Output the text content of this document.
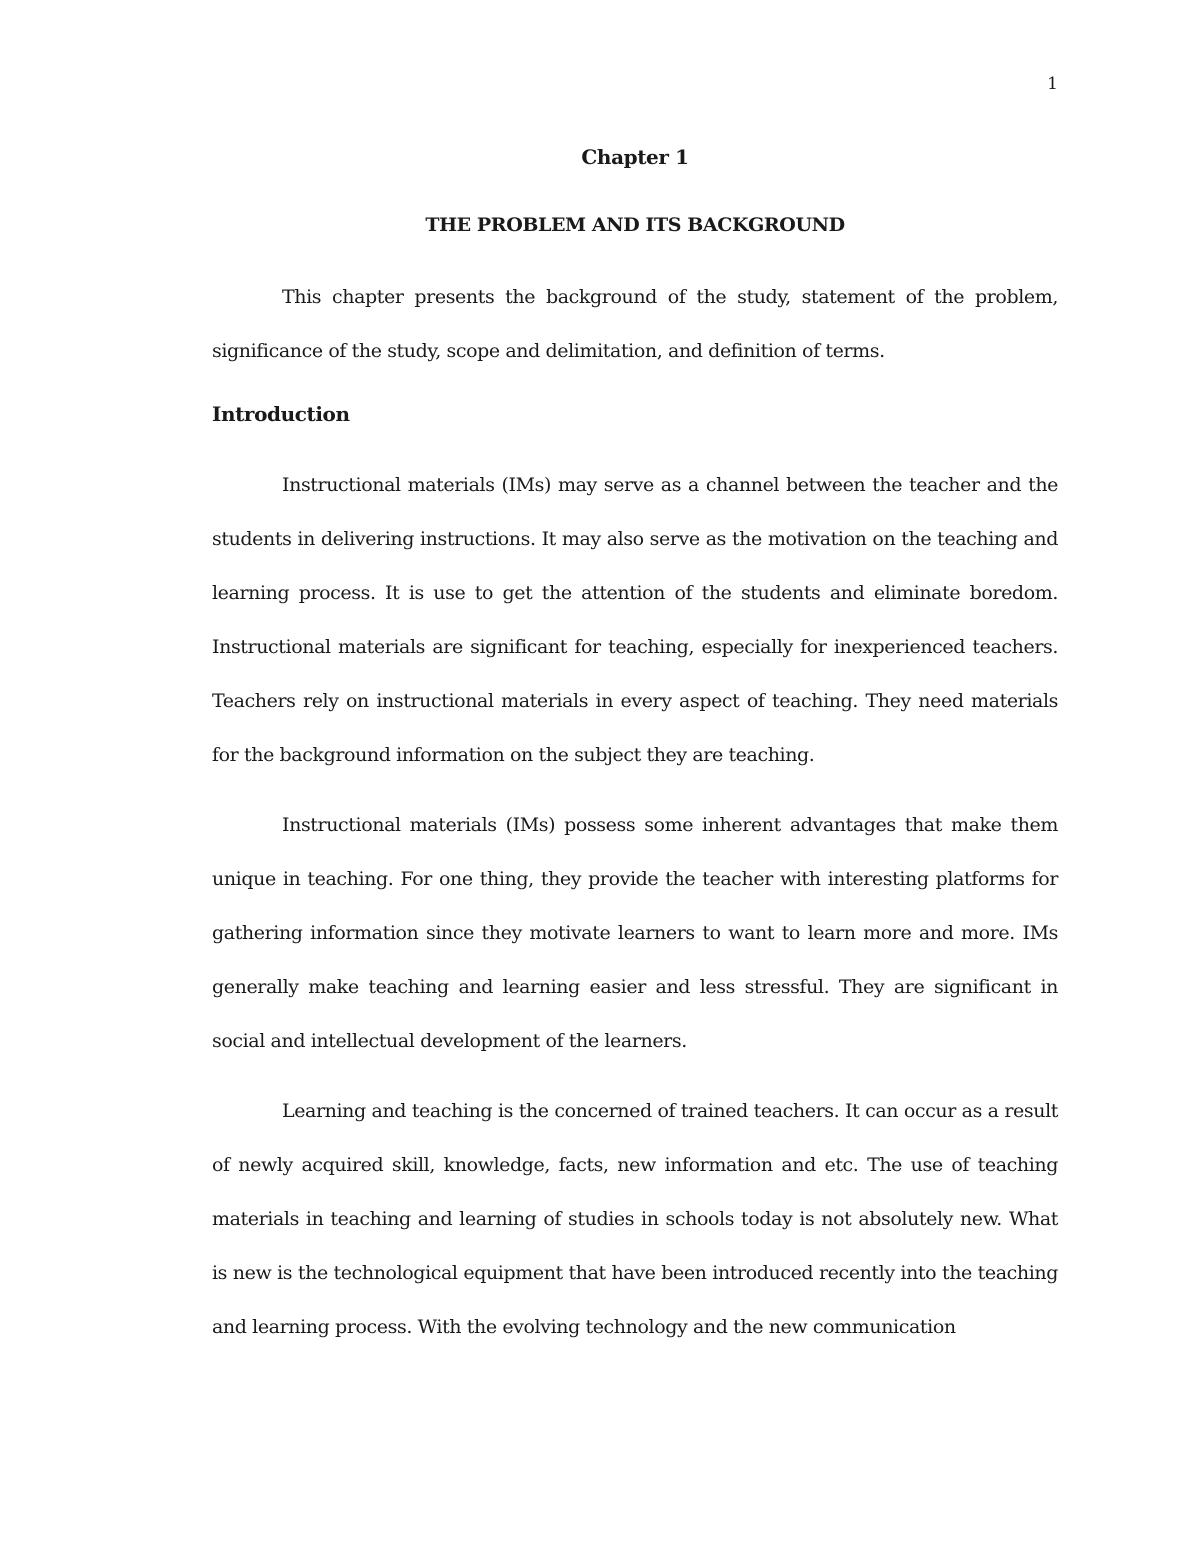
1

Chapter 1

THE PROBLEM AND ITS BACKGROUND

This chapter presents the background of the study, statement of the problem, significance of the study, scope and delimitation, and definition of terms.

Introduction

Instructional materials (IMs) may serve as a channel between the teacher and the students in delivering instructions. It may also serve as the motivation on the teaching and learning process. It is use to get the attention of the students and eliminate boredom. Instructional materials are significant for teaching, especially for inexperienced teachers. Teachers rely on instructional materials in every aspect of teaching. They need materials for the background information on the subject they are teaching.

Instructional materials (IMs) possess some inherent advantages that make them unique in teaching. For one thing, they provide the teacher with interesting platforms for gathering information since they motivate learners to want to learn more and more. IMs generally make teaching and learning easier and less stressful. They are significant in social and intellectual development of the learners.

Learning and teaching is the concerned of trained teachers. It can occur as a result of newly acquired skill, knowledge, facts, new information and etc. The use of teaching materials in teaching and learning of studies in schools today is not absolutely new. What is new is the technological equipment that have been introduced recently into the teaching and learning process. With the evolving technology and the new communication
